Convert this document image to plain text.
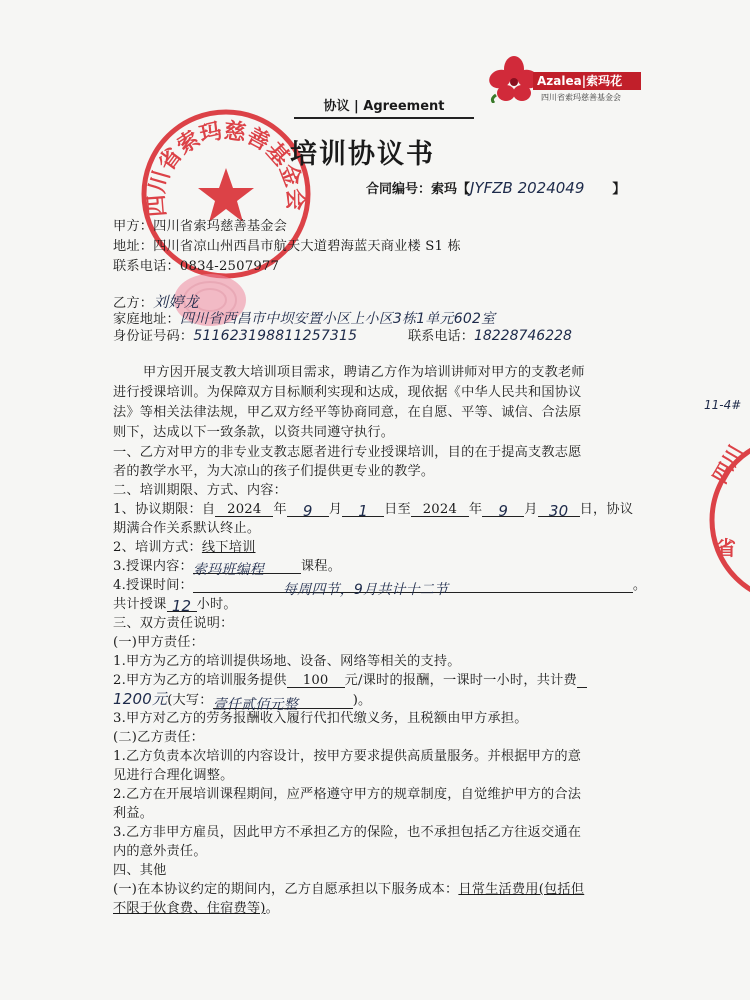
Azalea|索玛花
四川省索玛慈善基金会
协议 | Agreement
四川省索玛慈善基金会
四川
省
培训协议书
合同编号：索玛【JYFZB 2024049 】
甲方：四川省索玛慈善基金会
地址：四川省凉山州西昌市航天大道碧海蓝天商业楼 S1 栋
联系电话：0834-2507977
乙方：刘婷龙
家庭地址：四川省西昌市中坝安置小区上小区3栋1单元602室
身份证号码：511623198811257315	联系电话：18228746228
11-4#
甲方因开展支教大培训项目需求，聘请乙方作为培训讲师对甲方的支教老师
进行授课培训。为保障双方目标顺利实现和达成，现依据《中华人民共和国协议
法》等相关法律法规，甲乙双方经平等协商同意，在自愿、平等、诚信、合法原
则下，达成以下一致条款，以资共同遵守执行。
一、乙方对甲方的非专业支教志愿者进行专业授课培训，目的在于提高支教志愿
者的教学水平，为大凉山的孩子们提供更专业的教学。
二、培训期限、方式、内容：
1、协议期限：自 2024 年 9 月 1 日至 2024 年 9 月 30 日，协议
期满合作关系默认终止。
2、培训方式：线下培训
3.授课内容：索玛班编程	课程。
4.授课时间：	每周四节，9月共计十二节	。
共计授课 12 小时。
三、双方责任说明：
(一)甲方责任：
1.甲方为乙方的培训提供场地、设备、网络等相关的支持。
2.甲方为乙方的培训服务提供 100 元/课时的报酬，一课时一小时，共计费
1200元(大写：壹仟贰佰元整	)。
3.甲方对乙方的劳务报酬收入履行代扣代缴义务，且税额由甲方承担。
(二)乙方责任：
1.乙方负责本次培训的内容设计，按甲方要求提供高质量服务。并根据甲方的意
见进行合理化调整。
2.乙方在开展培训课程期间，应严格遵守甲方的规章制度，自觉维护甲方的合法
利益。
3.乙方非甲方雇员，因此甲方不承担乙方的保险，也不承担包括乙方往返交通在
内的意外责任。
四、其他
(一)在本协议约定的期间内，乙方自愿承担以下服务成本：日常生活费用(包括但
不限于伙食费、住宿费等)。
